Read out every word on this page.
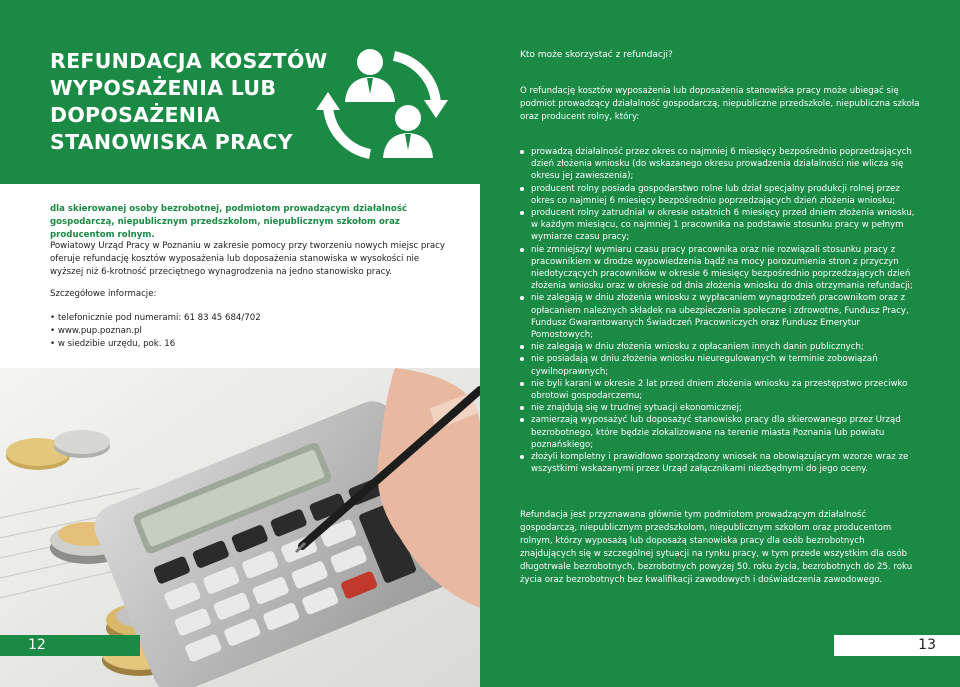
REFUNDACJA KOSZTÓW WYPOSAŻENIA LUB DOPOSAŻENIA STANOWISKA PRACY

dla skierowanej osoby bezrobotnej, podmiotom prowadzącym działalność gospodarczą, niepublicznym przedszkolom, niepublicznym szkołom oraz producentom rolnym.

Powiatowy Urząd Pracy w Poznaniu w zakresie pomocy przy tworzeniu nowych miejsc pracy oferuje refundację kosztów wyposażenia lub doposażenia stanowiska w wysokości nie wyższej niż 6-krotność przeciętnego wynagrodzenia na jedno stanowisko pracy.

Szczegółowe informacje:

• telefonicznie pod numerami: 61 83 45 684/702
• www.pup.poznan.pl
• w siedzibie urzędu, pok. 16
12

Kto może skorzystać z refundacji?

O refundację kosztów wyposażenia lub doposażenia stanowiska pracy może ubiegać się podmiot prowadzący działalność gospodarczą, niepubliczne przedszkole, niepubliczna szkoła oraz producent rolny, który:

prowadzą działalność przez okres co najmniej 6 miesięcy bezpośrednio poprzedzających dzień złożenia wniosku (do wskazanego okresu prowadzenia działalności nie wlicza się okresu jej zawieszenia);
producent rolny posiada gospodarstwo rolne lub dział specjalny produkcji rolnej przez okres co najmniej 6 miesięcy bezpośrednio poprzedzających dzień złożenia wniosku;
producent rolny zatrudniał w okresie ostatnich 6 miesięcy przed dniem złożenia wniosku, w każdym miesiącu, co najmniej 1 pracownika na podstawie stosunku pracy w pełnym wymiarze czasu pracy;
nie zmniejszył wymiaru czasu pracy pracownika oraz nie rozwiązali stosunku pracy z pracownikiem w drodze wypowiedzenia bądź na mocy porozumienia stron z przyczyn niedotyczących pracowników w okresie 6 miesięcy bezpośrednio poprzedzających dzień złożenia wniosku oraz w okresie od dnia złożenia wniosku do dnia otrzymania refundacji;
nie zalegają w dniu złożenia wniosku z wypłacaniem wynagrodzeń pracownikom oraz z opłacaniem należnych składek na ubezpieczenia społeczne i zdrowotne, Fundusz Pracy, Fundusz Gwarantowanych Świadczeń Pracowniczych oraz Fundusz Emerytur Pomostowych;
nie zalegają w dniu złożenia wniosku z opłacaniem innych danin publicznych;
nie posiadają w dniu złożenia wniosku nieuregulowanych w terminie zobowiązań cywilnoprawnych;
nie byli karani w okresie 2 lat przed dniem złożenia wniosku za przestępstwo przeciwko obrotowi gospodarczemu;
nie znajdują się w trudnej sytuacji ekonomicznej;
zamierzają wyposażyć lub doposażyć stanowisko pracy dla skierowanego przez Urząd bezrobotnego, które będzie zlokalizowane na terenie miasta Poznania lub powiatu poznańskiego;
złożyli kompletny i prawidłowo sporządzony wniosek na obowiązującym wzorze wraz ze wszystkimi wskazanymi przez Urząd załącznikami niezbędnymi do jego oceny.

Refundacja jest przyznawana głównie tym podmiotom prowadzącym działalność gospodarczą, niepublicznym przedszkolom, niepublicznym szkołom oraz producentom rolnym, którzy wyposażą lub doposażą stanowiska pracy dla osób bezrobotnych znajdujących się w szczególnej sytuacji na rynku pracy, w tym przede wszystkim dla osób długotrwale bezrobotnych, bezrobotnych powyżej 50. roku życia, bezrobotnych do 25. roku życia oraz bezrobotnych bez kwalifikacji zawodowych i doświadczenia zawodowego.

13
